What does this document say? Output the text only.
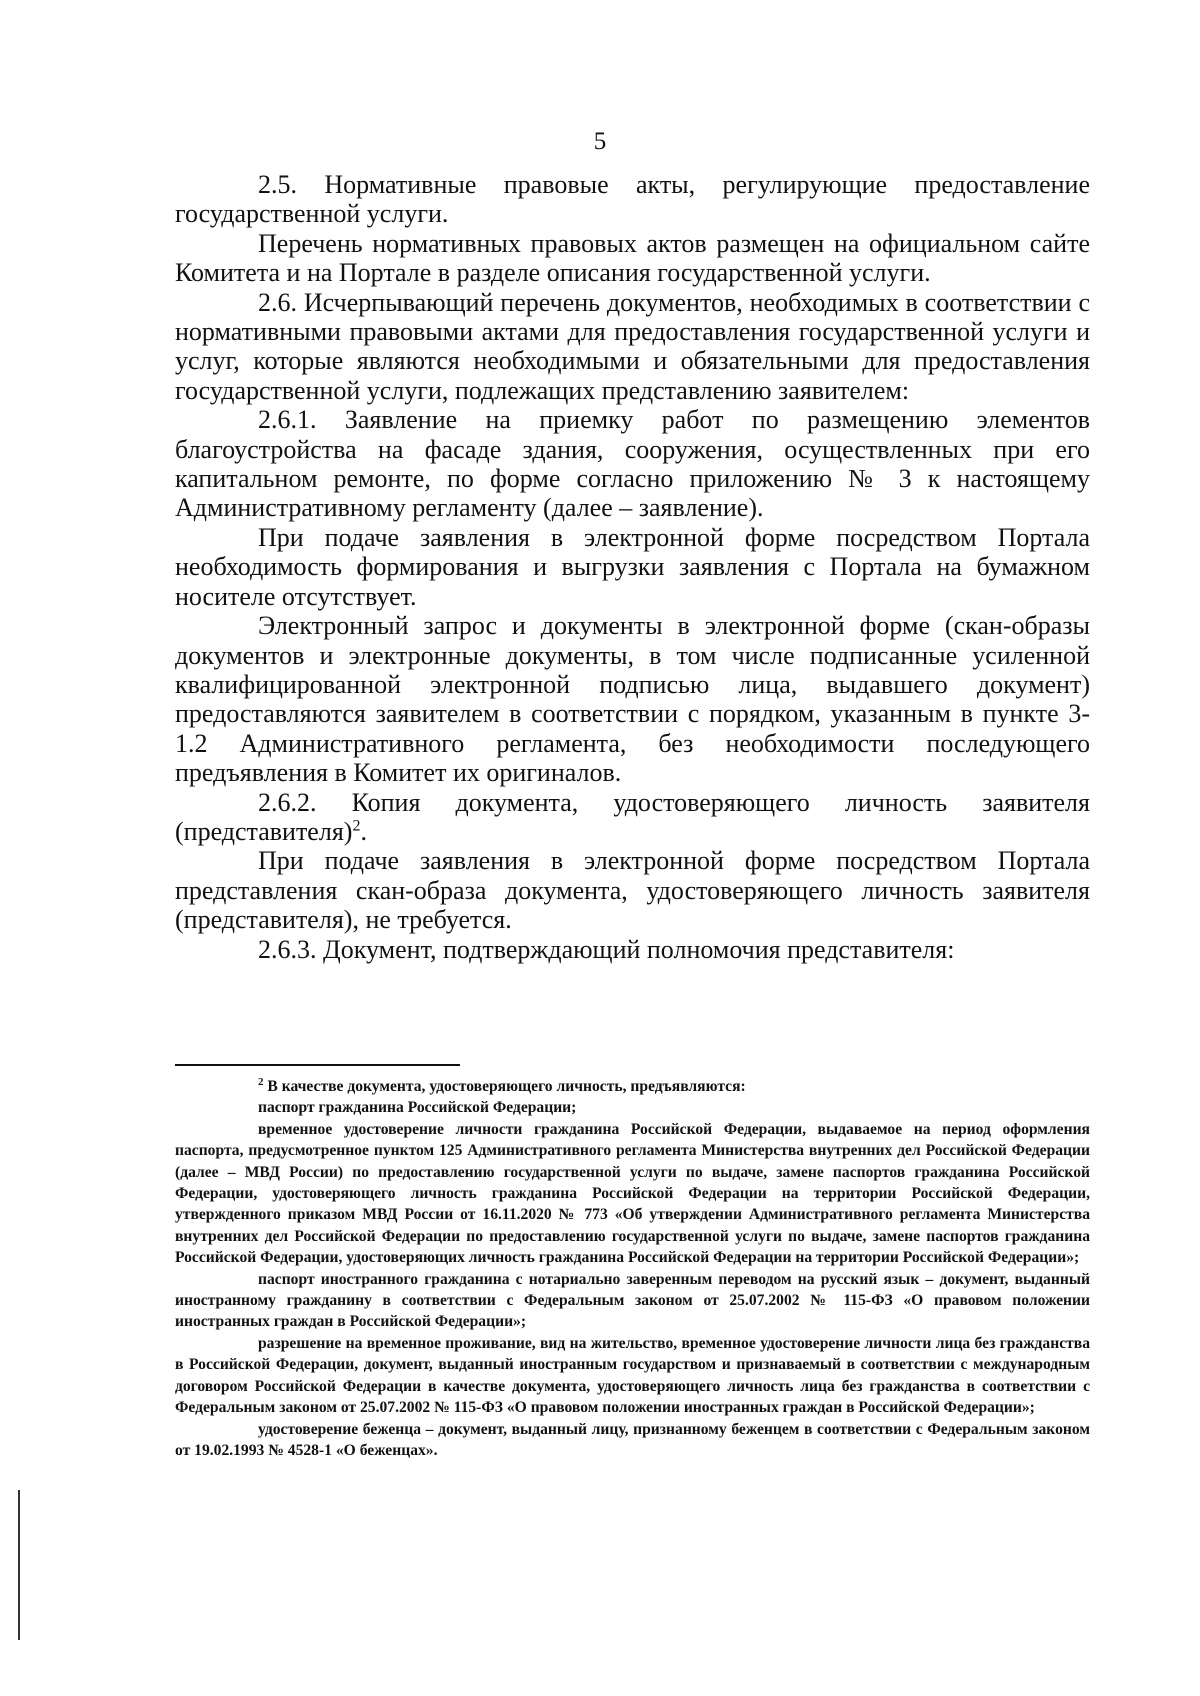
5

2.5. Нормативные правовые акты, регулирующие предоставление государственной услуги.

Перечень нормативных правовых актов размещен на официальном сайте Комитета и на Портале в разделе описания государственной услуги.

2.6. Исчерпывающий перечень документов, необходимых в соответствии с нормативными правовыми актами для предоставления государственной услуги и услуг, которые являются необходимыми и обязательными для предоставления государственной услуги, подлежащих представлению заявителем:

2.6.1. Заявление на приемку работ по размещению элементов благоустройства на фасаде здания, сооружения, осуществленных при его капитальном ремонте, по форме согласно приложению № 3 к настоящему Административному регламенту (далее – заявление).

При подаче заявления в электронной форме посредством Портала необходимость формирования и выгрузки заявления с Портала на бумажном носителе отсутствует.

Электронный запрос и документы в электронной форме (скан-образы документов и электронные документы, в том числе подписанные усиленной квалифицированной электронной подписью лица, выдавшего документ) предоставляются заявителем в соответствии с порядком, указанным в пункте 3-1.2 Административного регламента, без необходимости последующего предъявления в Комитет их оригиналов.

2.6.2. Копия документа, удостоверяющего личность заявителя (представителя)$^2$.

При подаче заявления в электронной форме посредством Портала представления скан-образа документа, удостоверяющего личность заявителя (представителя), не требуется.

2.6.3. Документ, подтверждающий полномочия представителя:

$^2$ В качестве документа, удостоверяющего личность, предъявляются:

паспорт гражданина Российской Федерации;

временное удостоверение личности гражданина Российской Федерации, выдаваемое на период оформления паспорта, предусмотренное пунктом 125 Административного регламента Министерства внутренних дел Российской Федерации (далее – МВД России) по предоставлению государственной услуги по выдаче, замене паспортов гражданина Российской Федерации, удостоверяющего личность гражданина Российской Федерации на территории Российской Федерации, утвержденного приказом МВД России от 16.11.2020 № 773 «Об утверждении Административного регламента Министерства внутренних дел Российской Федерации по предоставлению государственной услуги по выдаче, замене паспортов гражданина Российской Федерации, удостоверяющих личность гражданина Российской Федерации на территории Российской Федерации»;

паспорт иностранного гражданина с нотариально заверенным переводом на русский язык – документ, выданный иностранному гражданину в соответствии с Федеральным законом от 25.07.2002 № 115-ФЗ «О правовом положении иностранных граждан в Российской Федерации»;

разрешение на временное проживание, вид на жительство, временное удостоверение личности лица без гражданства в Российской Федерации, документ, выданный иностранным государством и признаваемый в соответствии с международным договором Российской Федерации в качестве документа, удостоверяющего личность лица без гражданства в соответствии с Федеральным законом от 25.07.2002 № 115-ФЗ «О правовом положении иностранных граждан в Российской Федерации»;

удостоверение беженца – документ, выданный лицу, признанному беженцем в соответствии с Федеральным законом от 19.02.1993 № 4528-1 «О беженцах».
